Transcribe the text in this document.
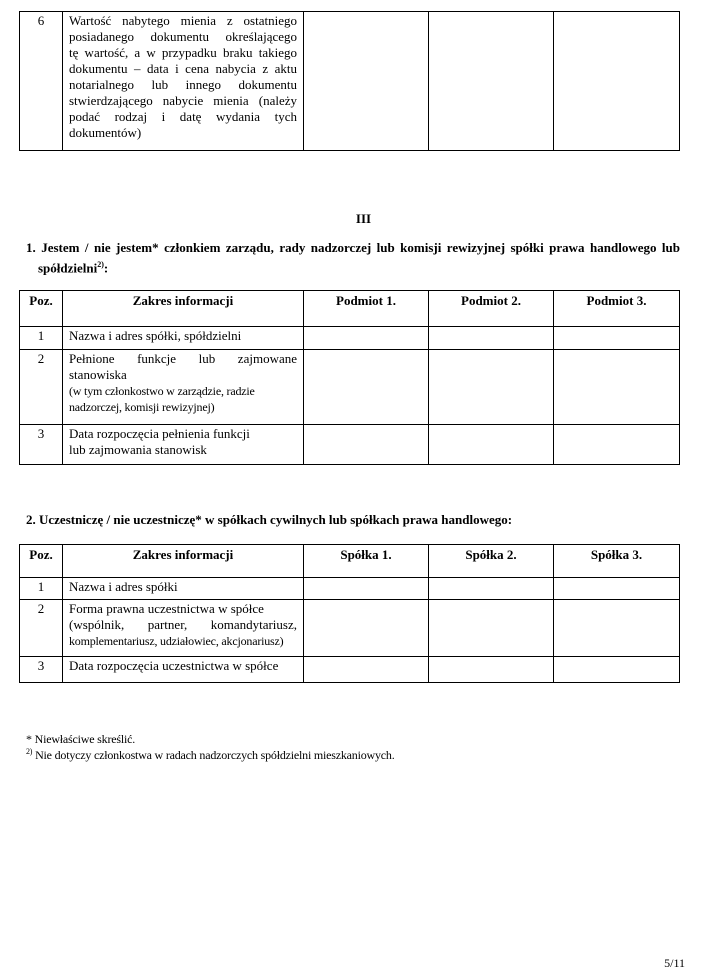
6	Wartość nabytego mienia z ostatniego
posiadanego dokumentu określającego
tę wartość, a w przypadku braku takiego
dokumentu – data i cena nabycia z aktu
notarialnego lub innego dokumentu
stwierdzającego nabycie mienia (należy
podać rodzaj i datę wydania tych
dokumentów)

III
1. Jestem / nie jestem* członkiem zarządu, rady nadzorczej lub komisji rewizyjnej spółki prawa handlowego lub
spółdzielni$^{2)}$:
Poz.	Zakres informacji	Podmiot 1.	Podmiot 2.	Podmiot 3.
1	Nazwa i adres spółki, spółdzielni			

2	Pełnione funkcje lub zajmowane
stanowiska
(w tym członkostwo w zarządzie, radzie
nadzorczej, komisji rewizyjnej)			

3	Data rozpoczęcia pełnienia funkcji
lub zajmowania stanowisk			

2. Uczestniczę / nie uczestniczę* w spółkach cywilnych lub spółkach prawa handlowego:
Poz.	Zakres informacji	Spółka 1.	Spółka 2.	Spółka 3.
1	Nazwa i adres spółki			

2	Forma prawna uczestnictwa w spółce
(wspólnik, partner, komandytariusz,
komplementariusz, udziałowiec, akcjonariusz)			

3	Data rozpoczęcia uczestnictwa w spółce			

* Niewłaściwe skreślić.
$^{2)}$ Nie dotyczy członkostwa w radach nadzorczych spółdzielni mieszkaniowych.
5/11
